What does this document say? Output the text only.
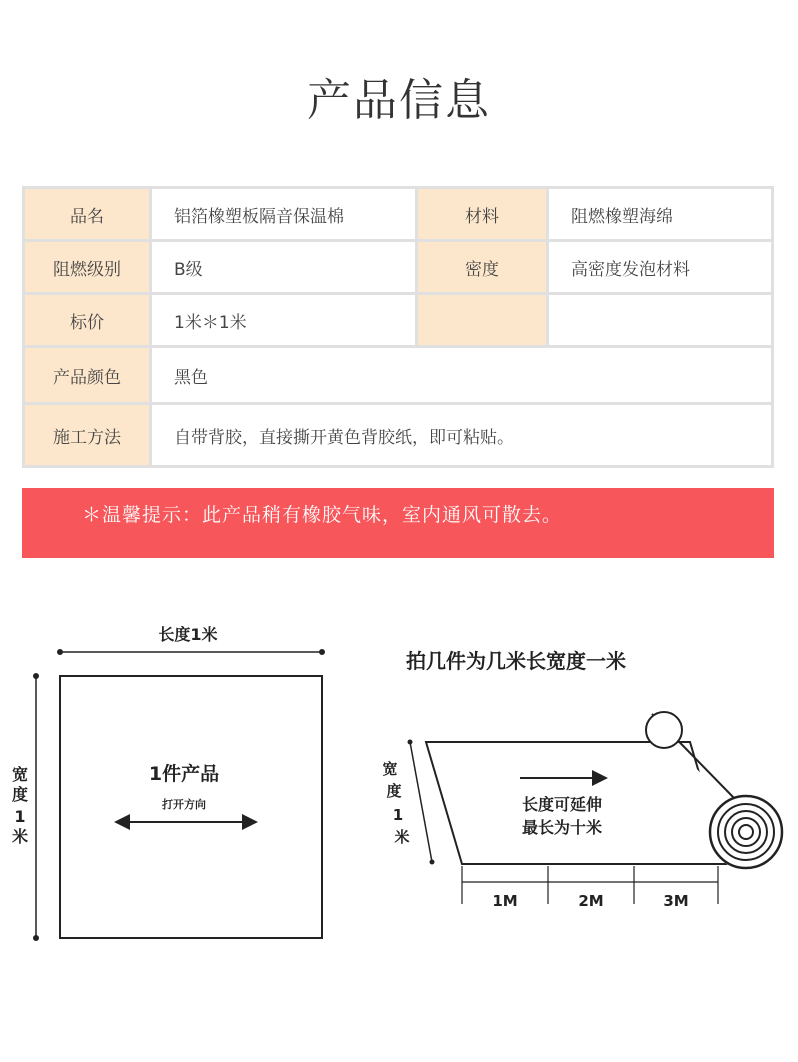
产品信息
品名	铝箔橡塑板隔音保温棉	材料	阻燃橡塑海绵
阻燃级别	B级	密度	高密度发泡材料
标价	1米＊1米
产品颜色	黑色
施工方法	自带背胶，直接撕开黄色背胶纸，即可粘贴。
＊温馨提示：此产品稍有橡胶气味，室内通风可散去。
长度1米
宽
度
1
米
1件产品
打开方向
拍几件为几米长宽度一米
宽
度
1
米
长度可延伸
最长为十米
1M	2M	3M
